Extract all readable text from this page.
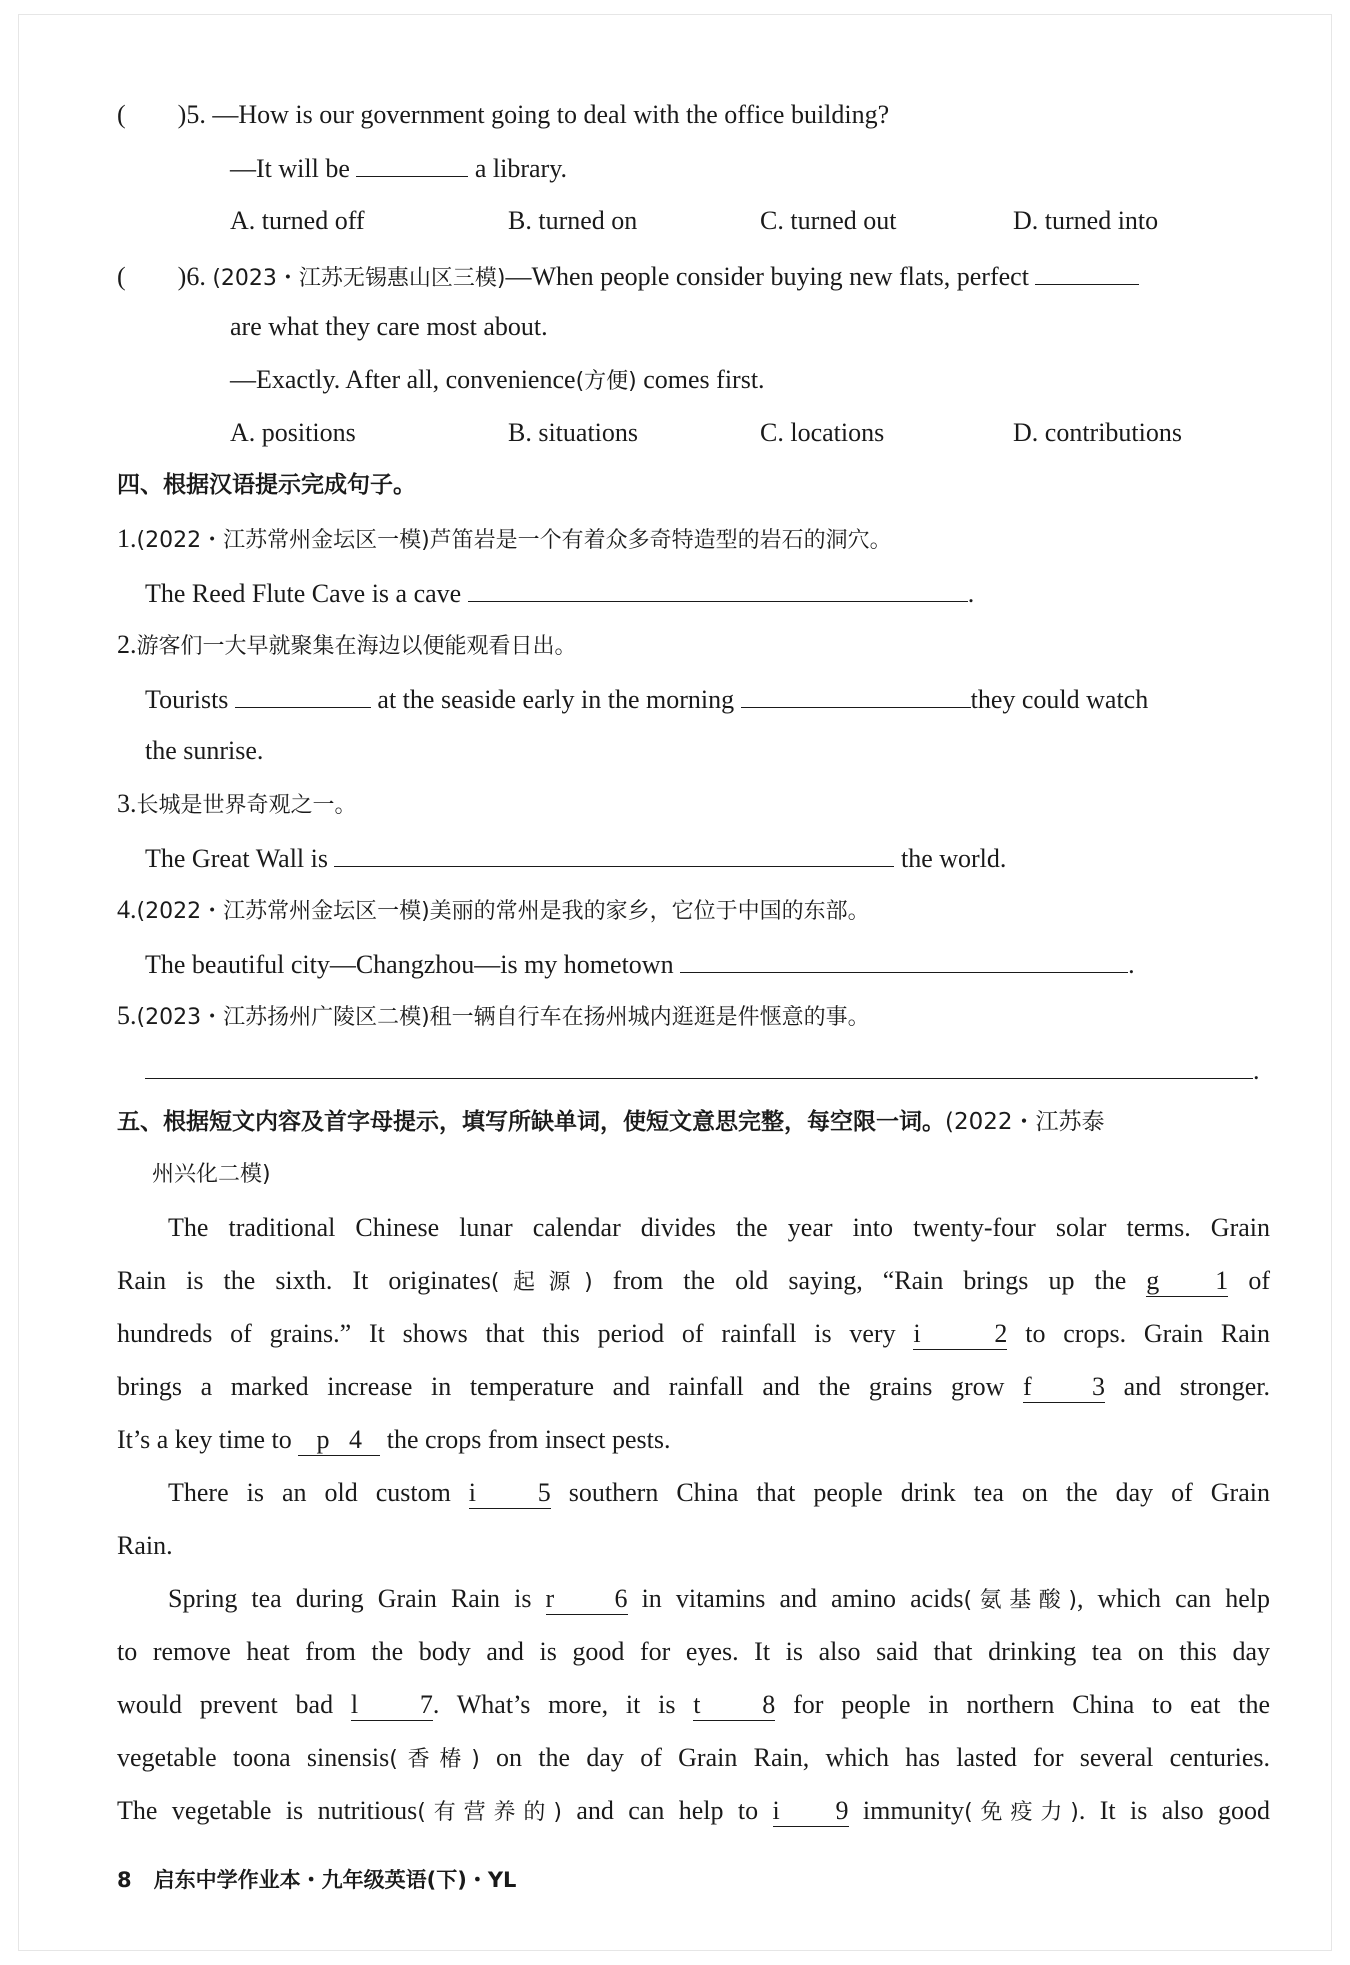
(　　)5. —How is our government going to deal with the office building?
—It will be	a library.
A. turned off	B. turned on	C. turned out	D. turned into
(　　)6. (2023・江苏无锡惠山区三模)—When people consider buying new flats, perfect
are what they care most about.
—Exactly. After all, convenience(方便) comes first.
A. positions	B. situations	C. locations	D. contributions
四、根据汉语提示完成句子。
1.(2022・江苏常州金坛区一模)芦笛岩是一个有着众多奇特造型的岩石的洞穴。
The Reed Flute Cave is a cave	.
2.游客们一大早就聚集在海边以便能观看日出。
Tourists	at the seaside early in the morning	they could watch
the sunrise.
3.长城是世界奇观之一。
The Great Wall is	the world.
4.(2022・江苏常州金坛区一模)美丽的常州是我的家乡，它位于中国的东部。
The beautiful city—Changzhou—is my hometown	.
5.(2023・江苏扬州广陵区二模)租一辆自行车在扬州城内逛逛是件惬意的事。
.
五、根据短文内容及首字母提示，填写所缺单词，使短文意思完整，每空限一词。(2022・江苏泰
州兴化二模)
The traditional Chinese lunar calendar divides the year into twenty-four solar terms. Grain
Rain is the sixth. It originates(起源) from the old saying, “Rain brings up the g 1 of
hundreds of grains.” It shows that this period of rainfall is very i	2 to crops. Grain Rain
brings a marked increase in temperature and rainfall and the grains grow f 3 and stronger.
It’s a key time to p 4 the crops from insect pests.
There is an old custom i 5 southern China that people drink tea on the day of Grain
Rain.
Spring tea during Grain Rain is r 6 in vitamins and amino acids(氨基酸), which can help
to remove heat from the body and is good for eyes. It is also said that drinking tea on this day
would prevent bad l 7. What’s more, it is t 8 for people in northern China to eat the
vegetable toona sinensis(香椿) on the day of Grain Rain, which has lasted for several centuries.
The vegetable is nutritious(有营养的) and can help to i 9 immunity(免疫力). It is also good
8 启东中学作业本・九年级英语(下)・YL
